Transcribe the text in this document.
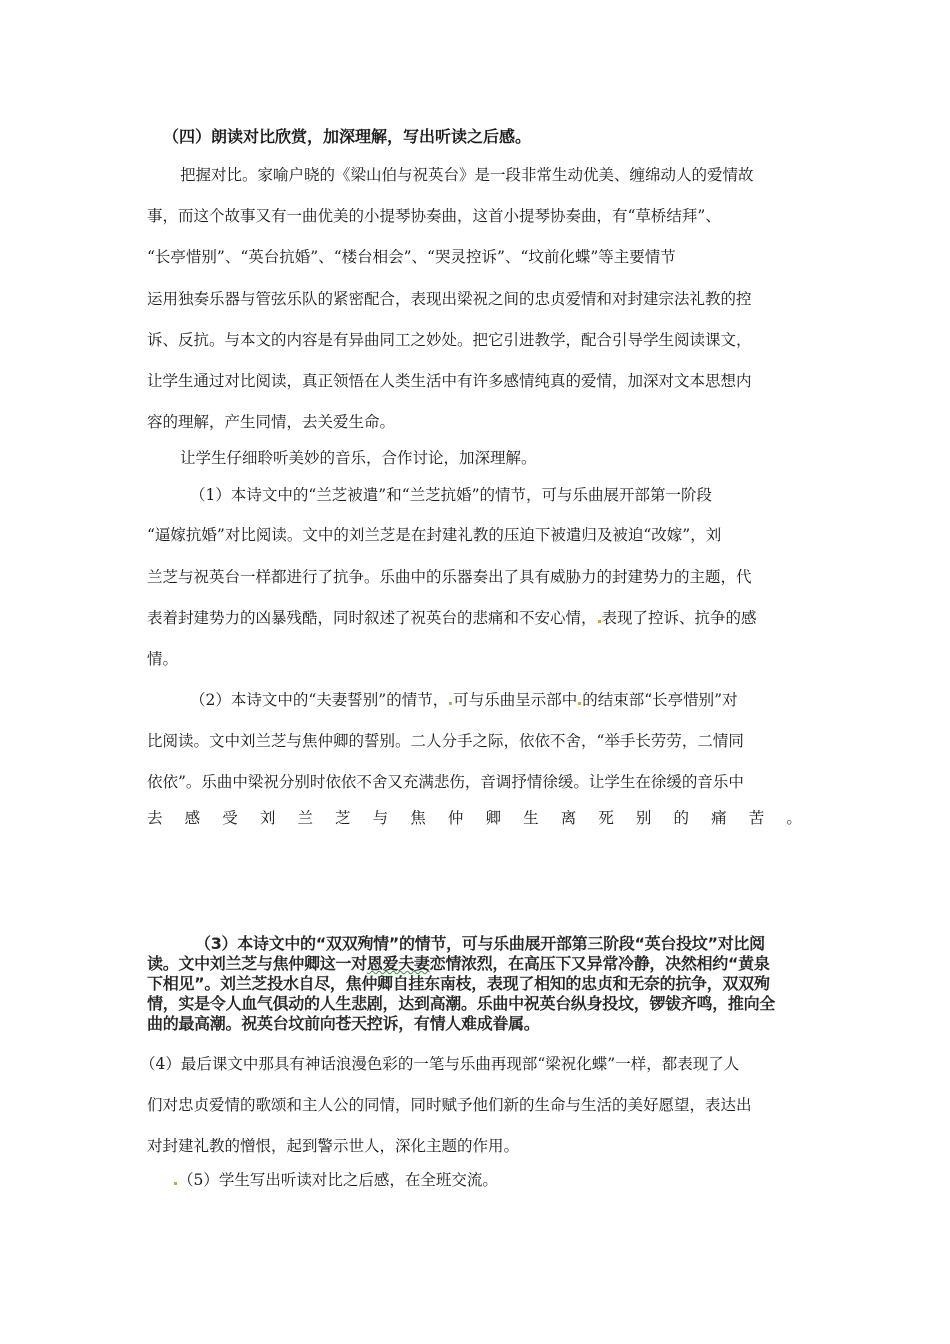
（四）朗读对比欣赏，加深理解，写出听读之后感。
把握对比。家喻户晓的《梁山伯与祝英台》是一段非常生动优美、缠绵动人的爱情故
事，而这个故事又有一曲优美的小提琴协奏曲，这首小提琴协奏曲，有“草桥结拜”、
“长亭惜别”、“英台抗婚”、“楼台相会”、“哭灵控诉”、“坟前化蝶”等主要情节
运用独奏乐器与管弦乐队的紧密配合，表现出梁祝之间的忠贞爱情和对封建宗法礼教的控
诉、反抗。与本文的内容是有异曲同工之妙处。把它引进教学，配合引导学生阅读课文，
让学生通过对比阅读，真正领悟在人类生活中有许多感情纯真的爱情，加深对文本思想内
容的理解，产生同情，去关爱生命。
让学生仔细聆听美妙的音乐，合作讨论，加深理解。
（1）本诗文中的“兰芝被遣”和“兰芝抗婚”的情节，可与乐曲展开部第一阶段
“逼嫁抗婚”对比阅读。文中的刘兰芝是在封建礼教的压迫下被遣归及被迫“改嫁”，刘
兰芝与祝英台一样都进行了抗争。乐曲中的乐器奏出了具有威胁力的封建势力的主题，代
表着封建势力的凶暴残酷，同时叙述了祝英台的悲痛和不安心情， 表现了控诉、抗争的感
情。
（2）本诗文中的“夫妻誓别”的情节， 可与乐曲呈示部中 的结束部“长亭惜别”对
比阅读。文中刘兰芝与焦仲卿的誓别。二人分手之际，依依不舍，“举手长劳劳，二情同
依依”。乐曲中梁祝分别时依依不舍又充满悲伤，音调抒情徐缓。让学生在徐缓的音乐中
去 感 受 刘 兰 芝 与 焦 仲 卿 生 离 死 别 的 痛 苦 。
（3）本诗文中的“双双殉情”的情节，可与乐曲展开部第三阶段“英台投坟”对比阅
读。文中刘兰芝与焦仲卿这一对恩爱夫妻恋情浓烈，在高压下又异常冷静，决然相约“黄泉
下相见”。刘兰芝投水自尽，焦仲卿自挂东南枝，表现了相知的忠贞和无奈的抗争，双双殉
情，实是令人血气俱动的人生悲剧，达到高潮。乐曲中祝英台纵身投坟，锣钹齐鸣，推向全
曲的最高潮。祝英台坟前向苍天控诉，有情人难成眷属。
（4）最后课文中那具有神话浪漫色彩的一笔与乐曲再现部“梁祝化蝶”一样，都表现了人
们对忠贞爱情的歌颂和主人公的同情，同时赋予他们新的生命与生活的美好愿望，表达出
对封建礼教的憎恨，起到警示世人，深化主题的作用。
（5）学生写出听读对比之后感，在全班交流。
